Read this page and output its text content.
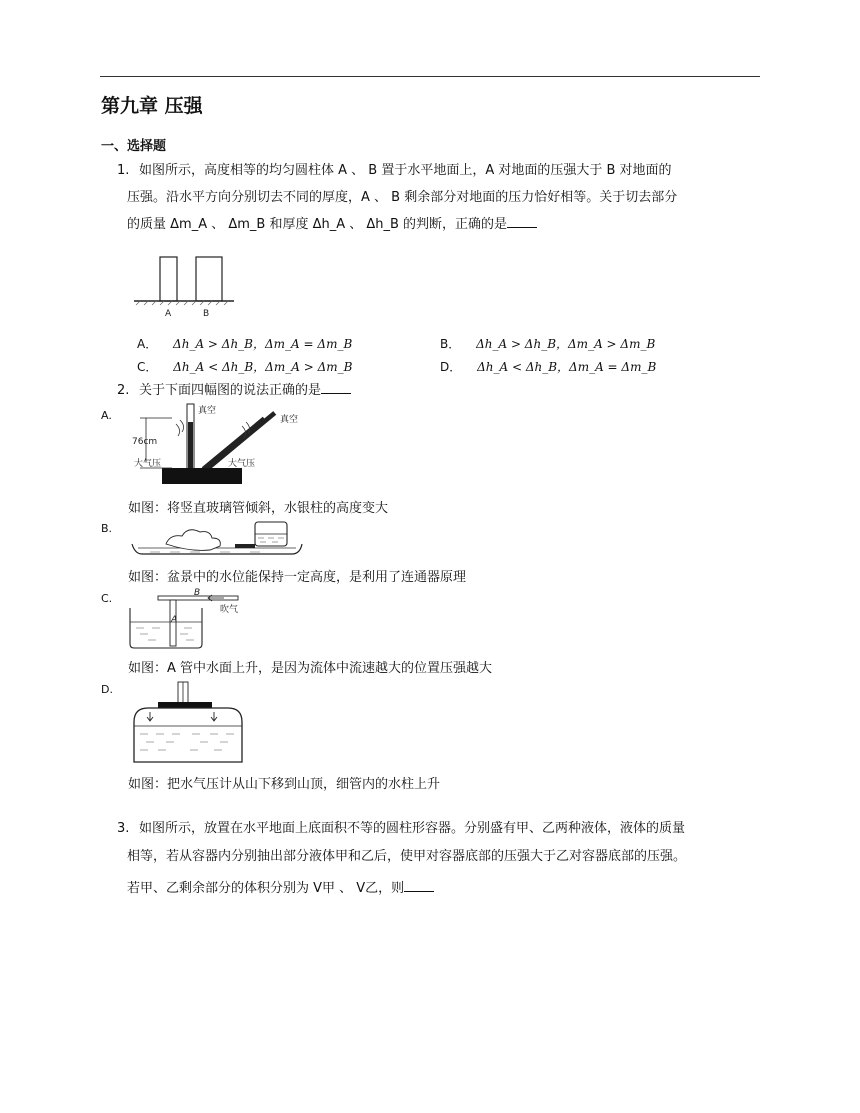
第九章 压强
一、选择题
1. 如图所示，高度相等的均匀圆柱体 A 、 B 置于水平地面上，A 对地面的压强大于 B 对地面的
压强。沿水平方向分别切去不同的厚度，A 、 B 剩余部分对地面的压力恰好相等。关于切去部分
的质量 Δm_A 、 Δm_B 和厚度 Δh_A 、 Δh_B 的判断，正确的是
A	B
A． Δh_A > Δh_B，Δm_A = Δm_B	B． Δh_A > Δh_B，Δm_A > Δm_B
C． Δh_A < Δh_B，Δm_A > Δm_B	D． Δh_A < Δh_B，Δm_A = Δm_B
2. 关于下面四幅图的说法正确的是
A.	真空
真空
76cm
大气压	大气压
如图：将竖直玻璃管倾斜，水银柱的高度变大
B.
如图：盆景中的水位能保持一定高度，是利用了连通器原理
C.	B
吹气
A
如图：A 管中水面上升，是因为流体中流速越大的位置压强越大
D.
如图：把水气压计从山下移到山顶，细管内的水柱上升
3. 如图所示，放置在水平地面上底面积不等的圆柱形容器。分别盛有甲、乙两种液体，液体的质量
相等，若从容器内分别抽出部分液体甲和乙后，使甲对容器底部的压强大于乙对容器底部的压强。
若甲、乙剩余部分的体积分别为 V甲 、 V乙，则
